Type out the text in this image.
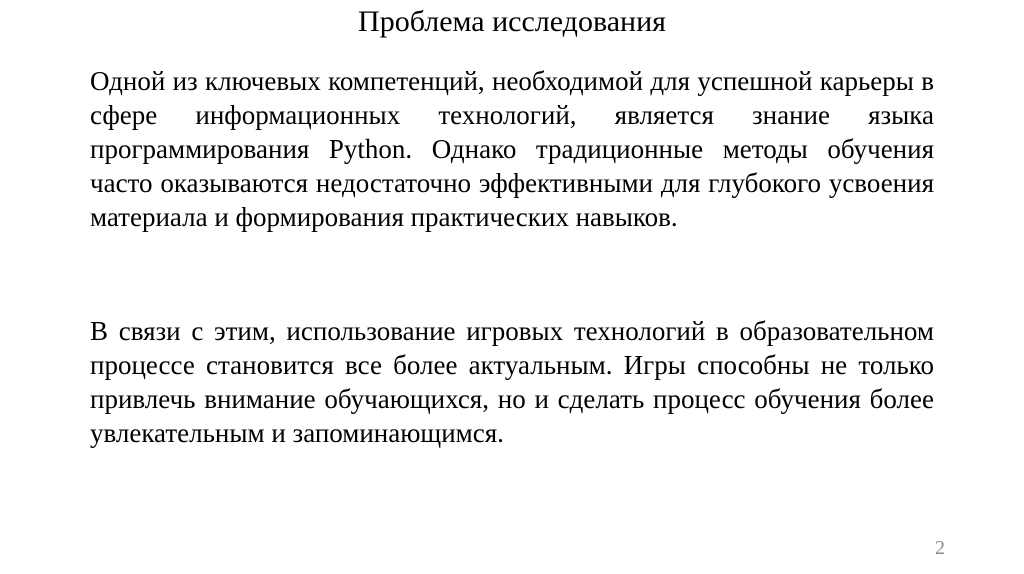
Проблема исследования

Одной из ключевых компетенций, необходимой для успешной карьеры в сфере информационных технологий, является знание языка программирования Python. Однако традиционные методы обучения часто оказываются недостаточно эффективными для глубокого усвоения материала и формирования практических навыков.

В связи с этим, использование игровых технологий в образовательном процессе становится все более актуальным. Игры способны не только привлечь внимание обучающихся, но и сделать процесс обучения более увлекательным и запоминающимся.

2
